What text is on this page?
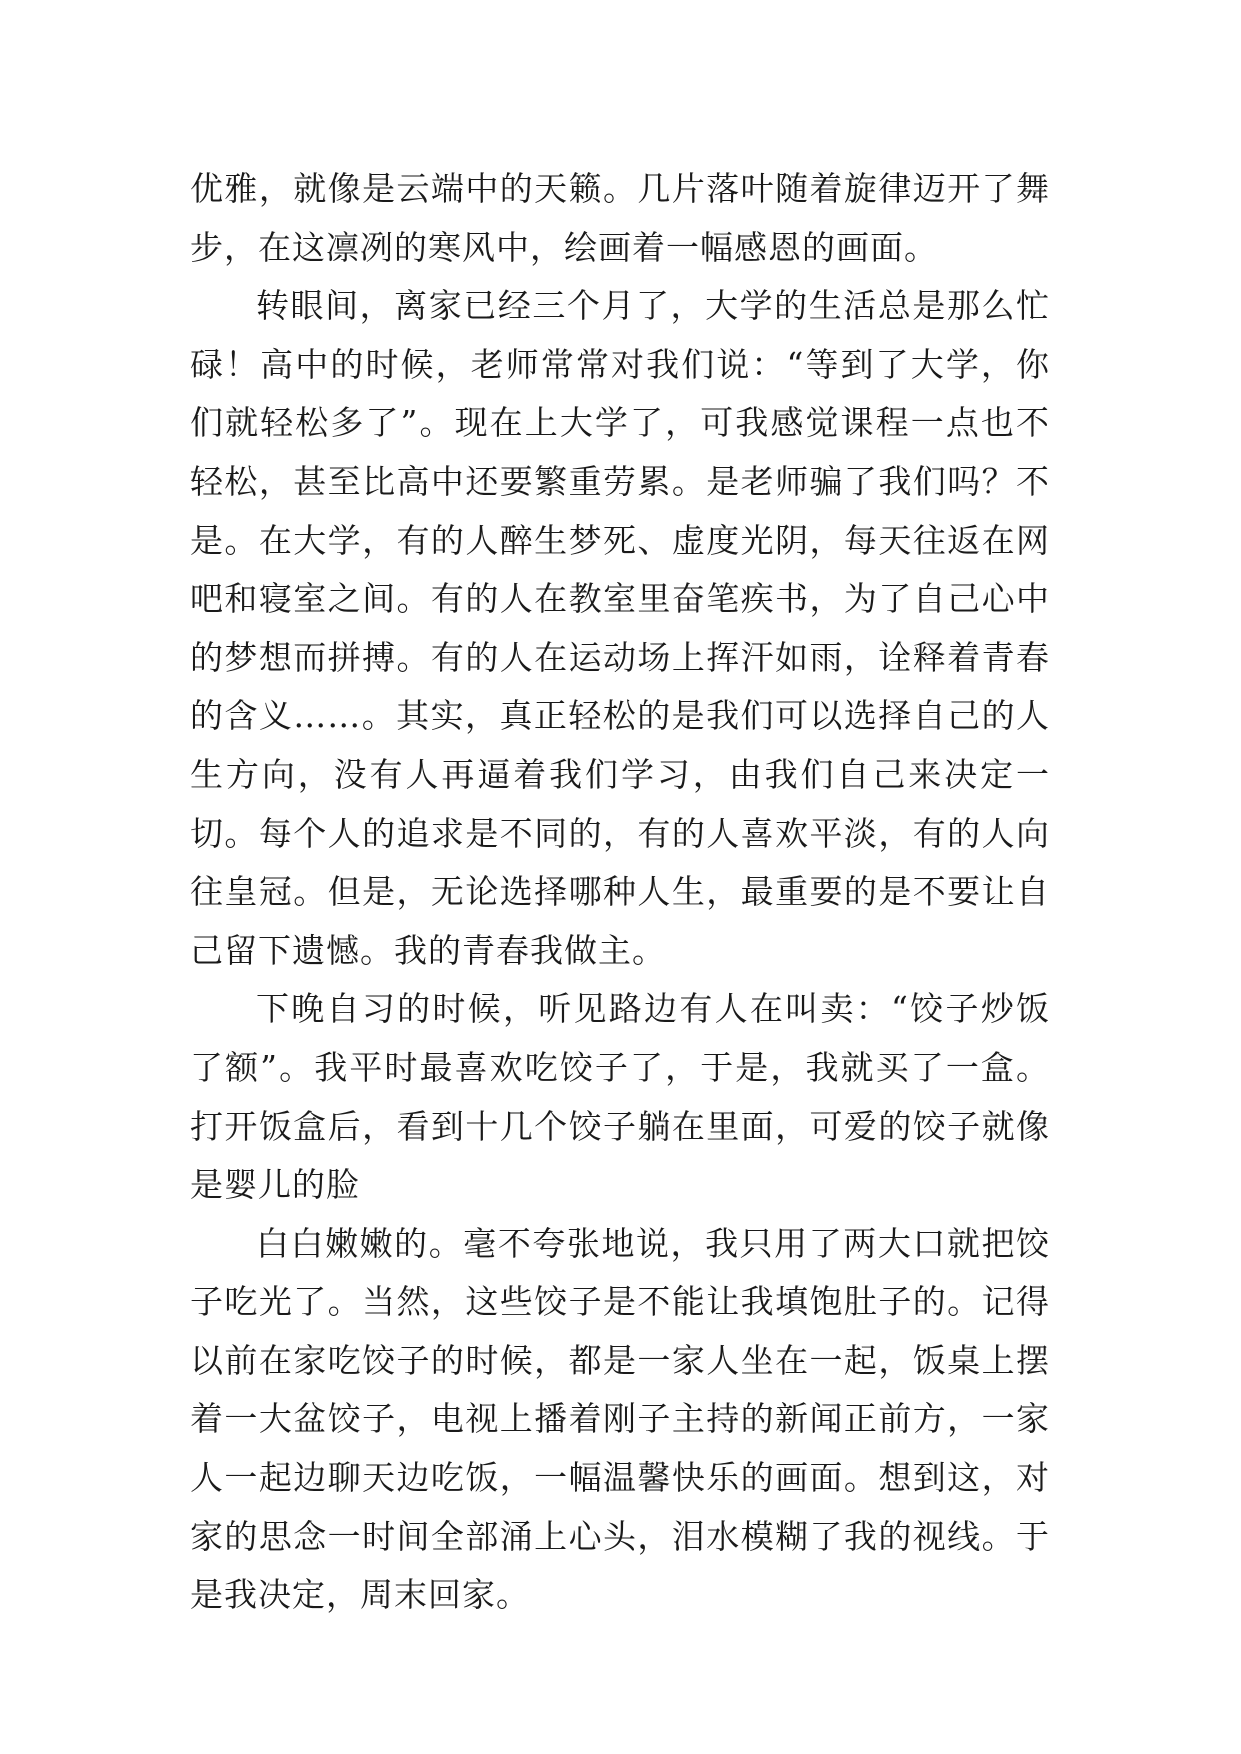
优雅，就像是云端中的天籁。几片落叶随着旋律迈开了舞步，在这凛冽的寒风中，绘画着一幅感恩的画面。

转眼间，离家已经三个月了，大学的生活总是那么忙碌！高中的时候，老师常常对我们说：“等到了大学，你们就轻松多了”。现在上大学了，可我感觉课程一点也不轻松，甚至比高中还要繁重劳累。是老师骗了我们吗？不是。在大学，有的人醉生梦死、虚度光阴，每天往返在网吧和寝室之间。有的人在教室里奋笔疾书，为了自己心中的梦想而拼搏。有的人在运动场上挥汗如雨，诠释着青春的含义……。其实，真正轻松的是我们可以选择自己的人生方向，没有人再逼着我们学习，由我们自己来决定一切。每个人的追求是不同的，有的人喜欢平淡，有的人向往皇冠。但是，无论选择哪种人生，最重要的是不要让自己留下遗憾。我的青春我做主。

下晚自习的时候，听见路边有人在叫卖：“饺子炒饭了额”。我平时最喜欢吃饺子了，于是，我就买了一盒。打开饭盒后，看到十几个饺子躺在里面，可爱的饺子就像是婴儿的脸

白白嫩嫩的。毫不夸张地说，我只用了两大口就把饺子吃光了。当然，这些饺子是不能让我填饱肚子的。记得以前在家吃饺子的时候，都是一家人坐在一起，饭桌上摆着一大盆饺子，电视上播着刚子主持的新闻正前方，一家人一起边聊天边吃饭，一幅温馨快乐的画面。想到这，对家的思念一时间全部涌上心头，泪水模糊了我的视线。于是我决定，周末回家。
